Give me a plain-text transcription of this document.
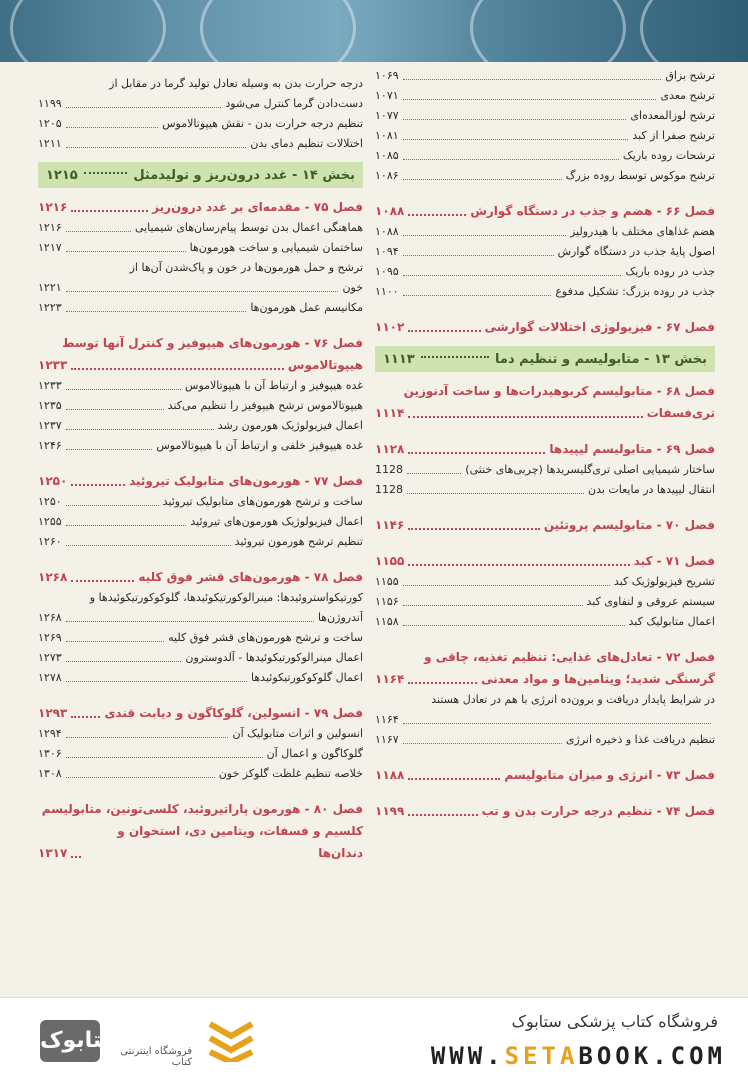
ترشح بزاق
۱۰۶۹
ترشح معدی
۱۰۷۱
ترشح لوزالمعده‌ای
۱۰۷۷
ترشح صفرا از کبد
۱۰۸۱
ترشحات روده باریک
۱۰۸۵
ترشح موکوس توسط روده بزرگ
۱۰۸۶
فصل ۶۶ - هضم و جذب در دستگاه گوارش
۱۰۸۸
هضم غذاهای مختلف با هیدرولیز
۱۰۸۸
اصول پایهٔ جذب در دستگاه گوارش
۱۰۹۴
جذب در روده باریک
۱۰۹۵
جذب در روده بزرگ: تشکیل مدفوع
۱۱۰۰
فصل ۶۷ - فیزیولوژی اختلالات گوارشی
۱۱۰۲
بخش ۱۳ - متابولیسم و تنظیم دما
۱۱۱۳
فصل ۶۸ - متابولیسم کربوهیدرات‌ها و ساخت آدنوزین
تری‌فسفات
۱۱۱۴
فصل ۶۹ - متابولیسم لیپیدها
۱۱۲۸
ساختار شیمیایی اصلی تری‌گلیسریدها (چربی‌های خنثی)
1128
انتقال لیپیدها در مایعات بدن
1128
فصل ۷۰ - متابولیسم پروتئین
۱۱۴۶
فصل ۷۱ - کبد
۱۱۵۵
تشریح فیزیولوژیک کبد
۱۱۵۵
سیستم عروقی و لنفاوی کبد
۱۱۵۶
اعمال متابولیک کبد
۱۱۵۸
فصل ۷۲ - تعادل‌های غذایی: تنظیم تغذیه، چاقی و
گرسنگی شدید؛ ویتامین‌ها و مواد معدنی
۱۱۶۴
در شرایط پایدار دریافت و برون‌ده انرژی با هم در تعادل هستند
۱۱۶۴
تنظیم دریافت غذا و ذخیره انرژی
۱۱۶۷
فصل ۷۳ - انرژی و میزان متابولیسم
۱۱۸۸
فصل ۷۴ - تنظیم درجه حرارت بدن و تب
۱۱۹۹
درجه حرارت بدن به وسیله تعادل تولید گرما در مقابل از
دست‌دادن گرما کنترل می‌شود
۱۱۹۹
تنظیم درجه حرارت بدن - نقش هیپوتالاموس
۱۲۰۵
اختلالات تنظیم دمای بدن
۱۲۱۱
بخش ۱۴ - غدد درون‌ریز و تولیدمثل
۱۲۱۵
فصل ۷۵ - مقدمه‌ای بر غدد درون‌ریز
۱۲۱۶
هماهنگی اعمال بدن توسط پیام‌رسان‌های شیمیایی
۱۲۱۶
ساختمان شیمیایی و ساخت هورمون‌ها
۱۲۱۷
ترشح و حمل هورمون‌ها در خون و پاک‌شدن آن‌ها از
خون
۱۲۲۱
مکانیسم عمل هورمون‌ها
۱۲۲۳
فصل ۷۶ - هورمون‌های هیپوفیز و کنترل آنها توسط
هیپوتالاموس
۱۲۳۳
غده هیپوفیز و ارتباط آن با هیپوتالاموس
۱۲۳۳
هیپوتالاموس ترشح هیپوفیز را تنظیم می‌کند
۱۲۳۵
اعمال فیزیولوژیک هورمون رشد
۱۲۳۷
غده هیپوفیز خلفی و ارتباط آن با هیپوتالاموس
۱۲۴۶
فصل ۷۷ - هورمون‌های متابولیک تیروئید
۱۲۵۰
ساخت و ترشح هورمون‌های متابولیک تیروئید
۱۲۵۰
اعمال فیزیولوژیک هورمون‌های تیروئید
۱۲۵۵
تنظیم ترشح هورمون تیروئید
۱۲۶۰
فصل ۷۸ - هورمون‌های قشر فوق کلیه
۱۲۶۸
کورتیکواستروئیدها: مینرالوکورتیکوئیدها، گلوکوکورتیکوئیدها و
آندروژن‌ها
۱۲۶۸
ساخت و ترشح هورمون‌های قشر فوق کلیه
۱۲۶۹
اعمال مینرالوکورتیکوئیدها - آلدوسترون
۱۲۷۳
اعمال گلوکوکورتیکوئیدها
۱۲۷۸
فصل ۷۹ - انسولین، گلوکاگون و دیابت قندی
۱۲۹۳
انسولین و اثرات متابولیک آن
۱۲۹۴
گلوکاگون و اعمال آن
۱۳۰۶
خلاصه تنظیم غلظت گلوکز خون
۱۳۰۸
فصل ۸۰ - هورمون پاراتیروئید، کلسی‌تونین، متابولیسم
کلسیم و فسفات، ویتامین دی، استخوان و دندان‌ها
۱۳۱۷
ستابوک
فروشگاه اینترنتی کتاب
فروشگاه کتاب پزشکی ستابوک
WWW.SETABOOK.COM
